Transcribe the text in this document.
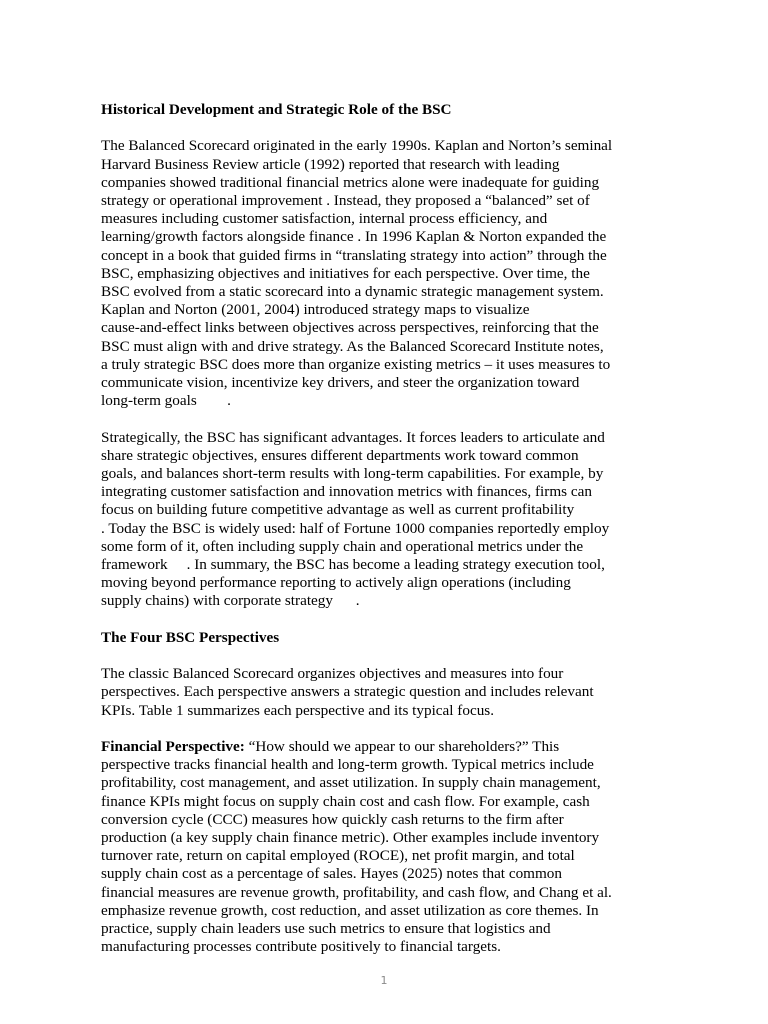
Historical Development and Strategic Role of the BSC

The Balanced Scorecard originated in the early 1990s. Kaplan and Norton’s seminal
Harvard Business Review article (1992) reported that research with leading
companies showed traditional financial metrics alone were inadequate for guiding
strategy or operational improvement . Instead, they proposed a “balanced” set of
measures including customer satisfaction, internal process efficiency, and
learning/growth factors alongside finance . In 1996 Kaplan & Norton expanded the
concept in a book that guided firms in “translating strategy into action” through the
BSC, emphasizing objectives and initiatives for each perspective. Over time, the
BSC evolved from a static scorecard into a dynamic strategic management system.
Kaplan and Norton (2001, 2004) introduced strategy maps to visualize
cause-and-effect links between objectives across perspectives, reinforcing that the
BSC must align with and drive strategy. As the Balanced Scorecard Institute notes,
a truly strategic BSC does more than organize existing metrics – it uses measures to
communicate vision, incentivize key drivers, and steer the organization toward
long-term goals        .

Strategically, the BSC has significant advantages. It forces leaders to articulate and
share strategic objectives, ensures different departments work toward common
goals, and balances short-term results with long-term capabilities. For example, by
integrating customer satisfaction and innovation metrics with finances, firms can
focus on building future competitive advantage as well as current profitability
. Today the BSC is widely used: half of Fortune 1000 companies reportedly employ
some form of it, often including supply chain and operational metrics under the
framework     . In summary, the BSC has become a leading strategy execution tool,
moving beyond performance reporting to actively align operations (including
supply chains) with corporate strategy      .

The Four BSC Perspectives

The classic Balanced Scorecard organizes objectives and measures into four
perspectives. Each perspective answers a strategic question and includes relevant
KPIs. Table 1 summarizes each perspective and its typical focus.

Financial Perspective: “How should we appear to our shareholders?” This
perspective tracks financial health and long-term growth. Typical metrics include
profitability, cost management, and asset utilization. In supply chain management,
finance KPIs might focus on supply chain cost and cash flow. For example, cash
conversion cycle (CCC) measures how quickly cash returns to the firm after
production (a key supply chain finance metric). Other examples include inventory
turnover rate, return on capital employed (ROCE), net profit margin, and total
supply chain cost as a percentage of sales. Hayes (2025) notes that common
financial measures are revenue growth, profitability, and cash flow, and Chang et al.
emphasize revenue growth, cost reduction, and asset utilization as core themes. In
practice, supply chain leaders use such metrics to ensure that logistics and
manufacturing processes contribute positively to financial targets.

1
